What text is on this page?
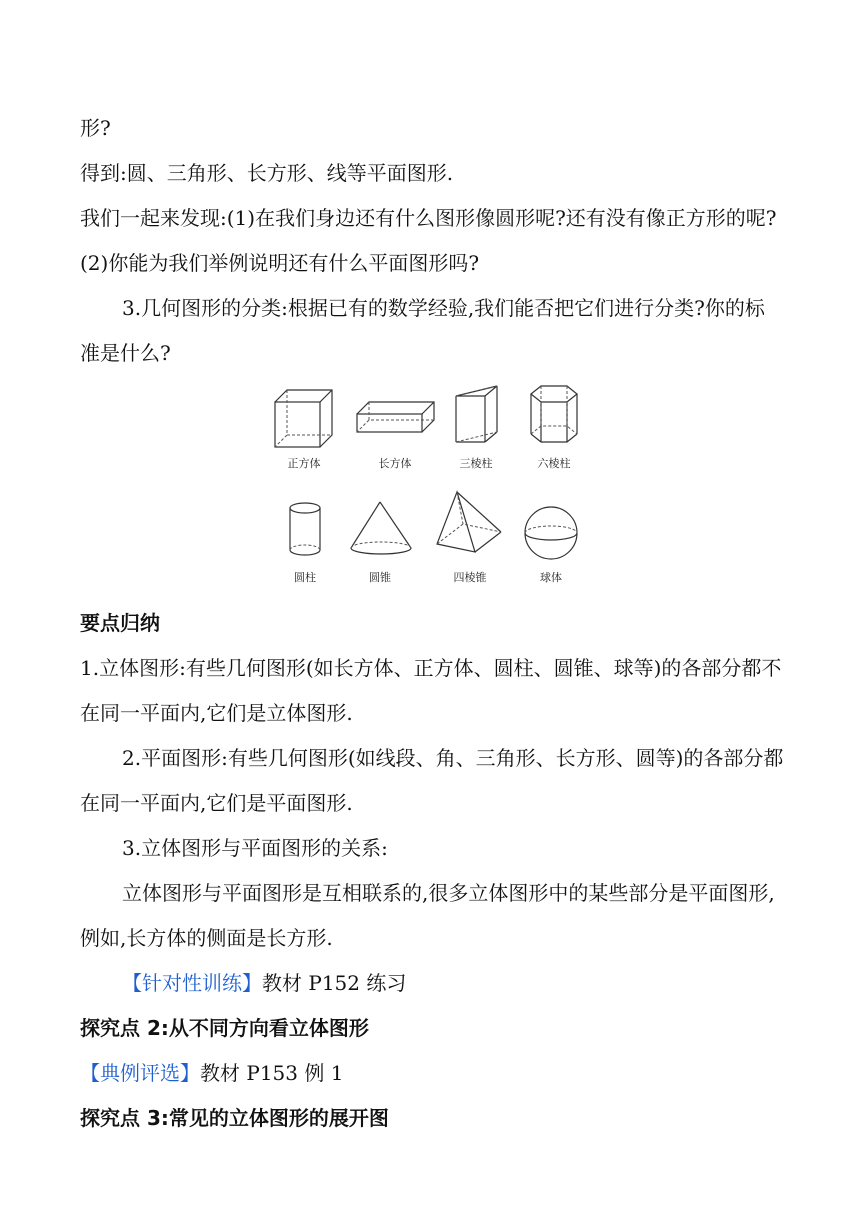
形?
得到:圆、三角形、长方形、线等平面图形.
我们一起来发现:(1)在我们身边还有什么图形像圆形呢?还有没有像正方形的呢?
(2)你能为我们举例说明还有什么平面图形吗?
3.几何图形的分类:根据已有的数学经验,我们能否把它们进行分类?你的标
准是什么?
正方体	长方体	三棱柱	六棱柱
圆柱	圆锥	四棱锥	球体
要点归纳
1.立体图形:有些几何图形(如长方体、正方体、圆柱、圆锥、球等)的各部分都不
在同一平面内,它们是立体图形.
2.平面图形:有些几何图形(如线段、角、三角形、长方形、圆等)的各部分都
在同一平面内,它们是平面图形.
3.立体图形与平面图形的关系:
立体图形与平面图形是互相联系的,很多立体图形中的某些部分是平面图形,
例如,长方体的侧面是长方形.
【针对性训练】教材 P152 练习
探究点 2:从不同方向看立体图形
【典例评选】教材 P153 例 1
探究点 3:常见的立体图形的展开图
